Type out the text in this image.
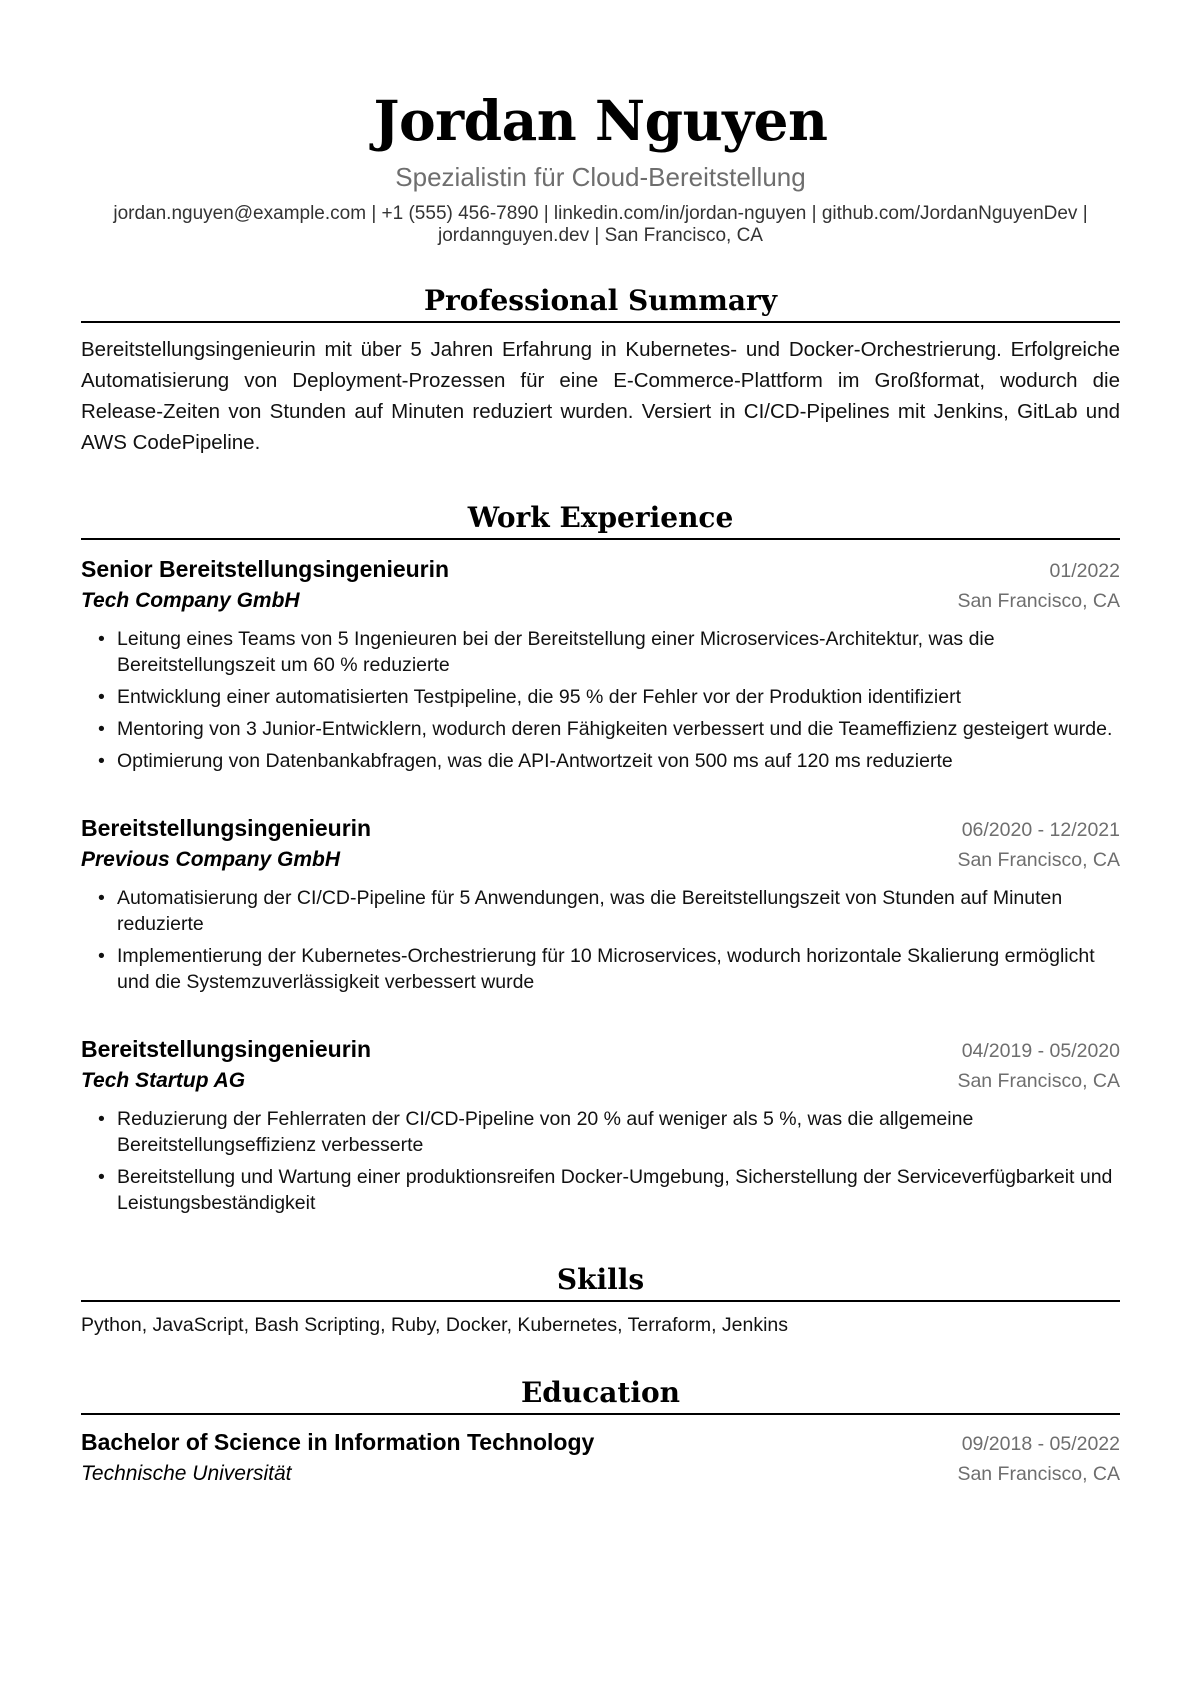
Jordan Nguyen
Spezialistin für Cloud-Bereitstellung
jordan.nguyen@example.com | +1 (555) 456-7890 | linkedin.com/in/jordan-nguyen | github.com/JordanNguyenDev |
jordannguyen.dev | San Francisco, CA
Professional Summary
Bereitstellungsingenieurin mit über 5 Jahren Erfahrung in Kubernetes- und Docker-Orchestrierung. Erfolgreiche Automatisierung von Deployment-Prozessen für eine E-Commerce-Plattform im Großformat, wodurch die Release-Zeiten von Stunden auf Minuten reduziert wurden. Versiert in CI/CD-Pipelines mit Jenkins, GitLab und AWS CodePipeline.
Work Experience
Senior Bereitstellungsingenieurin	01/2022
Tech Company GmbH	San Francisco, CA
• Leitung eines Teams von 5 Ingenieuren bei der Bereitstellung einer Microservices-Architektur, was die Bereitstellungszeit um 60 % reduzierte
• Entwicklung einer automatisierten Testpipeline, die 95 % der Fehler vor der Produktion identifiziert
• Mentoring von 3 Junior-Entwicklern, wodurch deren Fähigkeiten verbessert und die Teameffizienz gesteigert wurde.
• Optimierung von Datenbankabfragen, was die API-Antwortzeit von 500 ms auf 120 ms reduzierte
Bereitstellungsingenieurin	06/2020 - 12/2021
Previous Company GmbH	San Francisco, CA
• Automatisierung der CI/CD-Pipeline für 5 Anwendungen, was die Bereitstellungszeit von Stunden auf Minuten reduzierte
• Implementierung der Kubernetes-Orchestrierung für 10 Microservices, wodurch horizontale Skalierung ermöglicht und die Systemzuverlässigkeit verbessert wurde
Bereitstellungsingenieurin	04/2019 - 05/2020
Tech Startup AG	San Francisco, CA
• Reduzierung der Fehlerraten der CI/CD-Pipeline von 20 % auf weniger als 5 %, was die allgemeine Bereitstellungseffizienz verbesserte
• Bereitstellung und Wartung einer produktionsreifen Docker-Umgebung, Sicherstellung der Serviceverfügbarkeit und Leistungsbeständigkeit
Skills
Python, JavaScript, Bash Scripting, Ruby, Docker, Kubernetes, Terraform, Jenkins
Education
Bachelor of Science in Information Technology	09/2018 - 05/2022
Technische Universität	San Francisco, CA
